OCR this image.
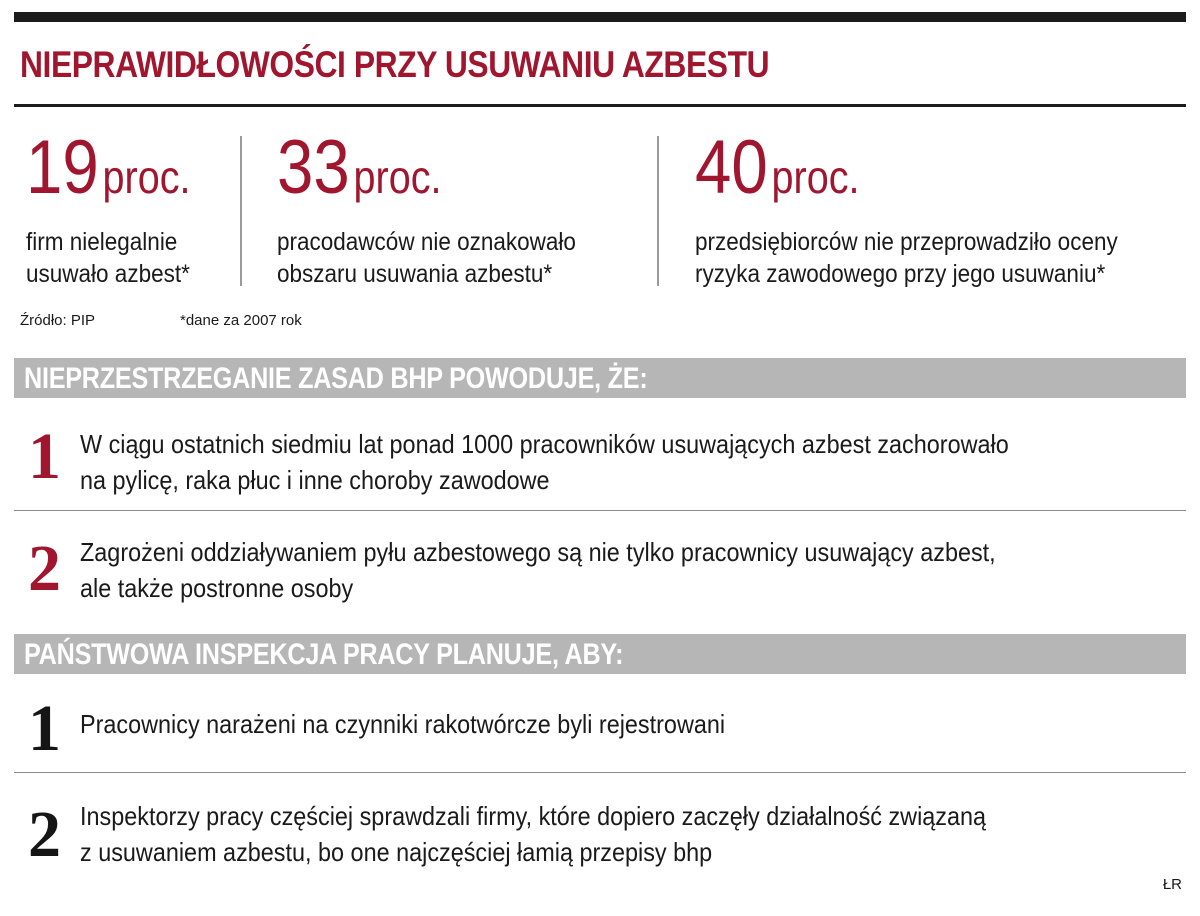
NIEPRAWIDŁOWOŚCI PRZY USUWANIU AZBESTU
19 proc.
firm nielegalnie
usuwało azbest*
33 proc.
pracodawców nie oznakowało
obszaru usuwania azbestu*
40 proc.
przedsiębiorców nie przeprowadziło oceny
ryzyka zawodowego przy jego usuwaniu*
Źródło: PIP	*dane za 2007 rok
NIEPRZESTRZEGANIE ZASAD BHP POWODUJE, ŻE:
1 W ciągu ostatnich siedmiu lat ponad 1000 pracowników usuwających azbest zachorowało
na pylicę, raka płuc i inne choroby zawodowe
2 Zagrożeni oddziaływaniem pyłu azbestowego są nie tylko pracownicy usuwający azbest,
ale także postronne osoby
PAŃSTWOWA INSPEKCJA PRACY PLANUJE, ABY:
1 Pracownicy narażeni na czynniki rakotwórcze byli rejestrowani
2 Inspektorzy pracy częściej sprawdzali firmy, które dopiero zaczęły działalność związaną
z usuwaniem azbestu, bo one najczęściej łamią przepisy bhp
ŁR
